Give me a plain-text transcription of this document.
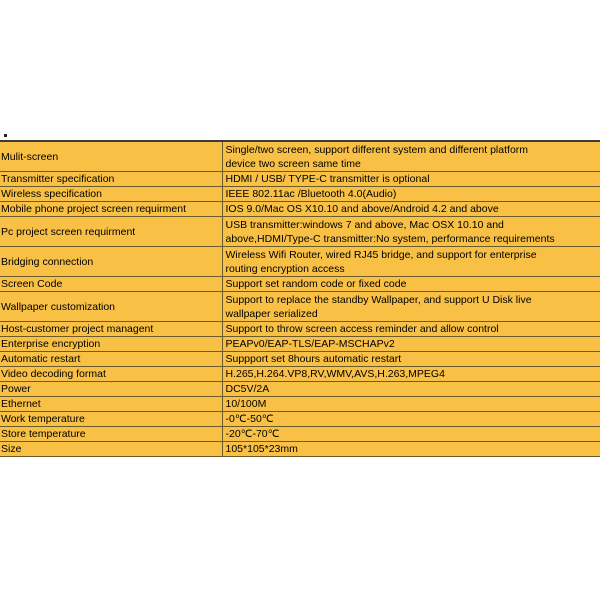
Mulit-screen	Single/two screen, support different system and different platform
device two screen same time
Transmitter specification	HDMI / USB/ TYPE-C transmitter is optional
Wireless specification	IEEE 802.11ac /Bluetooth 4.0(Audio)
Mobile phone project screen requirment	IOS 9.0/Mac OS X10.10 and above/Android 4.2 and above
Pc project screen requirment	USB transmitter:windows 7 and above, Mac OSX 10.10 and
above,HDMI/Type-C transmitter:No system, performance requirements
Bridging connection	Wireless Wifi Router, wired RJ45 bridge, and support for enterprise
routing encryption access
Screen Code	Support set random code or fixed code
Wallpaper customization	Support to replace the standby Wallpaper, and support U Disk live
wallpaper serialized
Host-customer project managent	Support to throw screen access reminder and allow control
Enterprise encryption	PEAPv0/EAP-TLS/EAP-MSCHAPv2
Automatic restart	Suppport set 8hours automatic restart
Video decoding format	H.265,H.264.VP8,RV,WMV,AVS,H.263,MPEG4
Power	DC5V/2A
Ethernet	10/100M
Work temperature	-0℃-50℃
Store temperature	-20℃-70℃
Size	105*105*23mm
